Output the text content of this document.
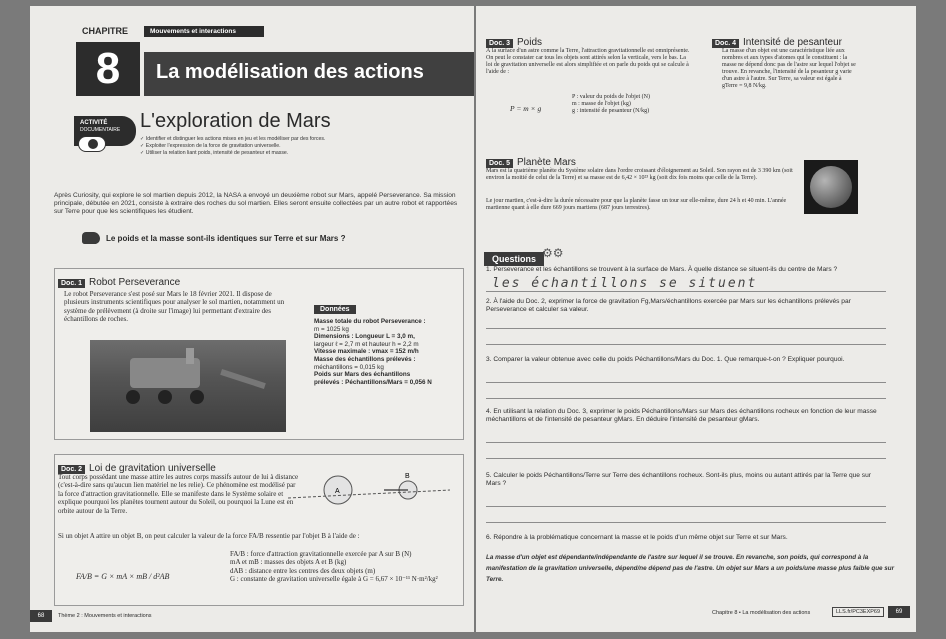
CHAPITRE	Mouvements et interactions
8	La modélisation des actions
ACTIVITÉ
DOCUMENTAIRE L'exploration de Mars
✓ Identifier et distinguer les actions mises en jeu et les modéliser par des forces.
✓ Exploiter l'expression de la force de gravitation universelle.
✓ Utiliser la relation liant poids, intensité de pesanteur et masse.
Après Curiosity, qui explore le sol martien depuis 2012, la NASA a envoyé un deuxième robot sur Mars, appelé Perseverance. Sa mission principale, débutée en 2021, consiste à extraire des roches du sol martien. Elles seront ensuite collectées par un autre robot et rapportées sur Terre pour que les scientifiques les étudient.
Le poids et la masse sont-ils identiques sur Terre et sur Mars ?
Doc. 1 Robot Perseverance
Le robot Perseverance s'est posé sur Mars le 18 février 2021. Il dispose de plusieurs instruments scientifiques pour analyser le sol martien, notamment un système de prélèvement (à droite sur l'image) lui permettant d'extraire des échantillons de roches.
Données
Masse totale du robot Perseverance :
m = 1025 kg
Dimensions : Longueur L = 3,0 m,
largeur ℓ = 2,7 m et hauteur h = 2,2 m
Vitesse maximale : vmax = 152 m/h
Masse des échantillons prélevés :
méchantillons = 0,015 kg
Poids sur Mars des échantillons
prélevés : Péchantillons/Mars = 0,056 N
Doc. 2 Loi de gravitation universelle
Tout corps possédant une masse attire les autres corps massifs autour de lui à distance (c'est-à-dire sans qu'aucun lien matériel ne les relie). Ce phénomène est modélisé par la force d'attraction gravitationnelle. Elle se manifeste dans le Système solaire et explique pourquoi les planètes tournent autour du Soleil, ou pourquoi la Lune est en orbite autour de la Terre.
A
B
Si un objet A attire un objet B, on peut calculer la valeur de la force FA/B ressentie par l'objet B à l'aide de :
FA/B = G × mA × mB / d²AB
FA/B : force d'attraction gravitationnelle exercée par A sur B (N)
mA et mB : masses des objets A et B (kg)
dAB : distance entre les centres des deux objets (m)
G : constante de gravitation universelle égale à G = 6,67 × 10⁻¹¹ N·m²/kg²
68	Thème 2 : Mouvements et interactions
Doc. 3 Poids
À la surface d'un astre comme la Terre, l'attraction gravitationnelle est omniprésente. On peut le constater car tous les objets sont attirés selon la verticale, vers le bas. La loi de gravitation universelle est alors simplifiée et on parle du poids qui se calcule à l'aide de :
P = m × g
P : valeur du poids de l'objet (N)
m : masse de l'objet (kg)
g : intensité de pesanteur (N/kg)
Doc. 4 Intensité de pesanteur
La masse d'un objet est une caractéristique liée aux nombres et aux types d'atomes qui le constituent : la masse ne dépend donc pas de l'astre sur lequel l'objet se trouve. En revanche, l'intensité de la pesanteur g varie d'un astre à l'autre. Sur Terre, sa valeur est égale à gTerre = 9,8 N/kg.
Doc. 5 Planète Mars
Mars est la quatrième planète du Système solaire dans l'ordre croissant d'éloignement au Soleil. Son rayon est de 3 390 km (soit environ la moitié de celui de la Terre) et sa masse est de 6,42 × 10²³ kg (soit dix fois moins que celle de la Terre).
Le jour martien, c'est-à-dire la durée nécessaire pour que la planète fasse un tour sur elle-même, dure 24 h et 40 min. L'année martienne quant à elle dure 669 jours martiens (687 jours terrestres).
Questions ⚙⚙
1. Perseverance et les échantillons se trouvent à la surface de Mars. À quelle distance se situent-ils du centre de Mars ?
les échantillons se situent
2. À l'aide du Doc. 2, exprimer la force de gravitation Fg,Mars/échantillons exercée par Mars sur les échantillons prélevés par Perseverance et calculer sa valeur.
3. Comparer la valeur obtenue avec celle du poids Péchantillons/Mars du Doc. 1. Que remarque-t-on ? Expliquer pourquoi.
4. En utilisant la relation du Doc. 3, exprimer le poids Péchantillons/Mars sur Mars des échantillons rocheux en fonction de leur masse méchantillons et de l'intensité de pesanteur gMars. En déduire l'intensité de pesanteur gMars.
5. Calculer le poids Péchantillons/Terre sur Terre des échantillons rocheux. Sont-ils plus, moins ou autant attirés par la Terre que sur Mars ?
6. Répondre à la problématique concernant la masse et le poids d'un même objet sur Terre et sur Mars.
La masse d'un objet est dépendante/indépendante de l'astre sur lequel il se trouve. En revanche, son poids, qui correspond à la manifestation de la gravitation universelle, dépend/ne dépend pas de l'astre. Un objet sur Mars a un poids/une masse plus faible que sur Terre.
Chapitre 8 • La modélisation des actions	LLS.fr/PC3EXP69	69
